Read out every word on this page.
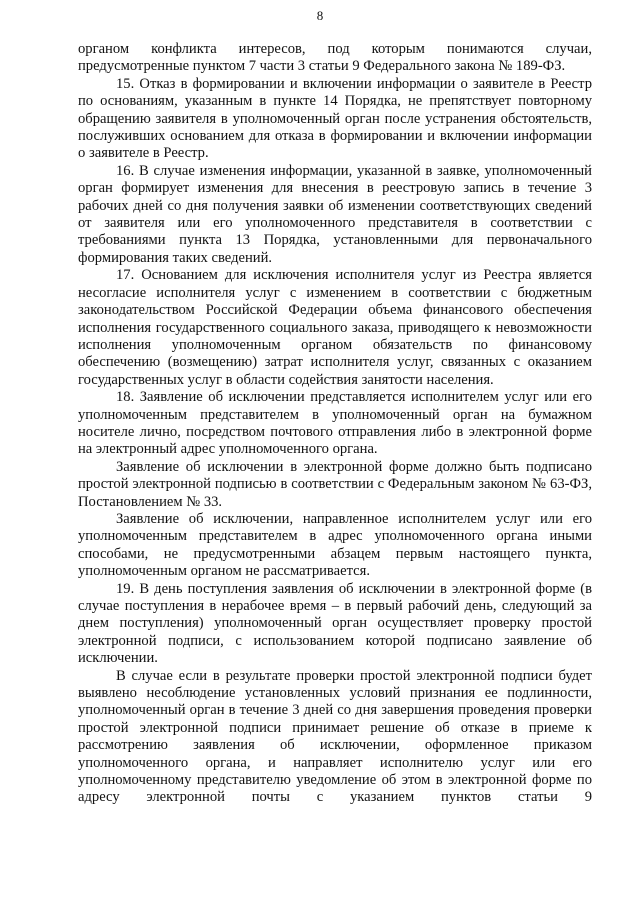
8

органом конфликта интересов, под которым понимаются случаи, предусмотренные пунктом 7 части 3 статьи 9 Федерального закона № 189-ФЗ.

15. Отказ в формировании и включении информации о заявителе в Реестр по основаниям, указанным в пункте 14 Порядка, не препятствует повторному обращению заявителя в уполномоченный орган после устранения обстоятельств, послуживших основанием для отказа в формировании и включении информации о заявителе в Реестр.

16. В случае изменения информации, указанной в заявке, уполномоченный орган формирует изменения для внесения в реестровую запись в течение 3 рабочих дней со дня получения заявки об изменении соответствующих сведений от заявителя или его уполномоченного представителя в соответствии с требованиями пункта 13 Порядка, установленными для первоначального формирования таких сведений.

17. Основанием для исключения исполнителя услуг из Реестра является несогласие исполнителя услуг с изменением в соответствии с бюджетным законодательством Российской Федерации объема финансового обеспечения исполнения государственного социального заказа, приводящего к невозможности исполнения уполномоченным органом обязательств по финансовому обеспечению (возмещению) затрат исполнителя услуг, связанных с оказанием государственных услуг в области содействия занятости населения.

18. Заявление об исключении представляется исполнителем услуг или его уполномоченным представителем в уполномоченный орган на бумажном носителе лично, посредством почтового отправления либо в электронной форме на электронный адрес уполномоченного органа.

Заявление об исключении в электронной форме должно быть подписано простой электронной подписью в соответствии с Федеральным законом № 63-ФЗ, Постановлением № 33.

Заявление об исключении, направленное исполнителем услуг или его уполномоченным представителем в адрес уполномоченного органа иными способами, не предусмотренными абзацем первым настоящего пункта, уполномоченным органом не рассматривается.

19. В день поступления заявления об исключении в электронной форме (в случае поступления в нерабочее время – в первый рабочий день, следующий за днем поступления) уполномоченный орган осуществляет проверку простой электронной подписи, с использованием которой подписано заявление об исключении.

В случае если в результате проверки простой электронной подписи будет выявлено несоблюдение установленных условий признания ее подлинности, уполномоченный орган в течение 3 дней со дня завершения проведения проверки простой электронной подписи принимает решение об отказе в приеме к рассмотрению заявления об исключении, оформленное приказом уполномоченного органа, и направляет исполнителю услуг или его уполномоченному представителю уведомление об этом в электронной форме по адресу электронной почты с указанием пунктов статьи 9
